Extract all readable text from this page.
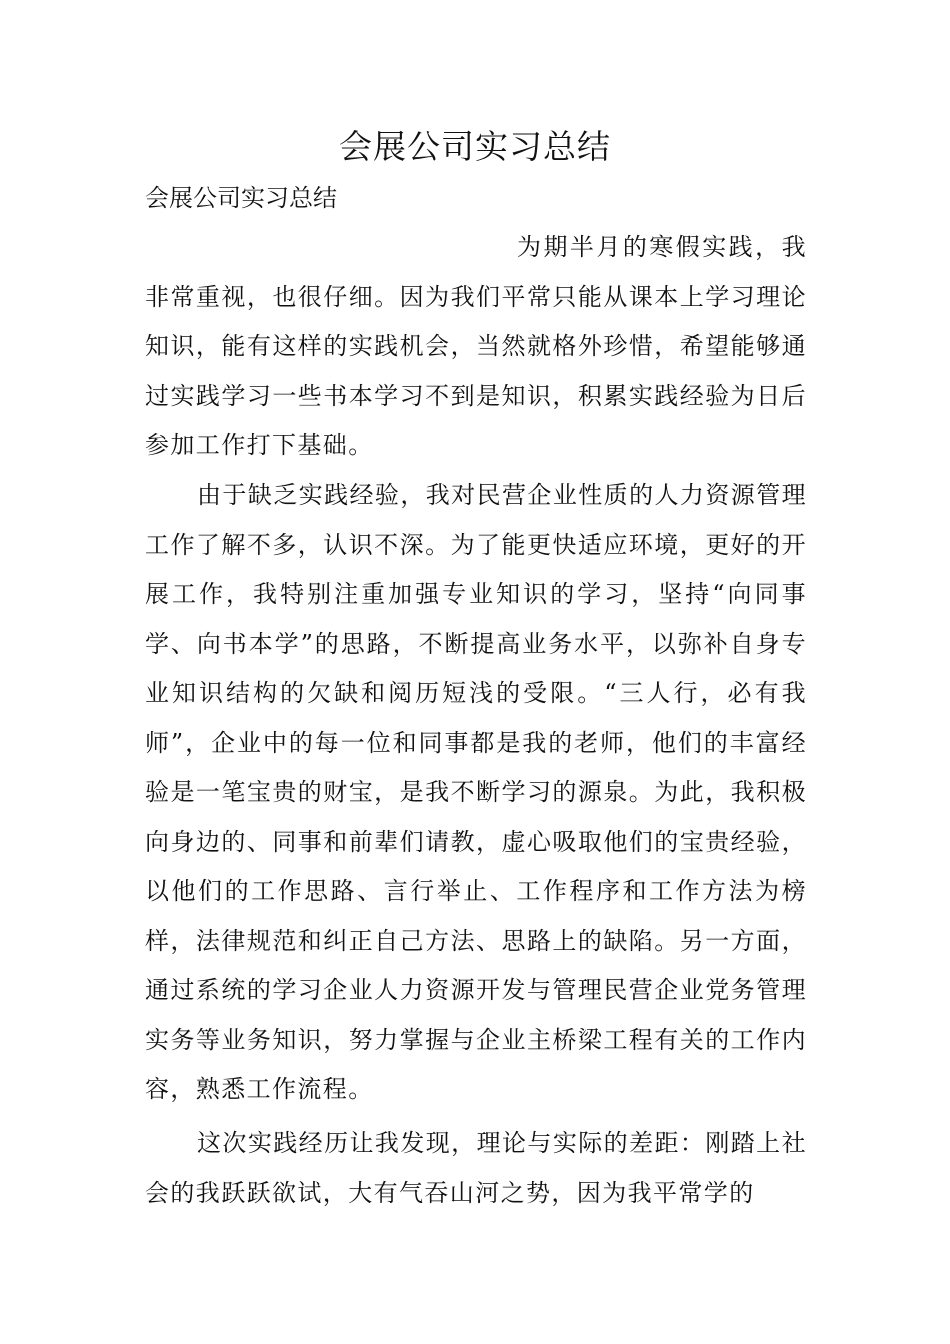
会展公司实习总结

会展公司实习总结

为期半月的寒假实践，我非常重视，也很仔细。因为我们平常只能从课本上学习理论知识，能有这样的实践机会，当然就格外珍惜，希望能够通过实践学习一些书本学习不到是知识，积累实践经验为日后参加工作打下基础。

由于缺乏实践经验，我对民营企业性质的人力资源管理工作了解不多，认识不深。为了能更快适应环境，更好的开展工作，我特别注重加强专业知识的学习，坚持“向同事学、向书本学”的思路，不断提高业务水平，以弥补自身专业知识结构的欠缺和阅历短浅的受限。“三人行，必有我师”，企业中的每一位和同事都是我的老师，他们的丰富经验是一笔宝贵的财宝，是我不断学习的源泉。为此，我积极向身边的、同事和前辈们请教，虚心吸取他们的宝贵经验，以他们的工作思路、言行举止、工作程序和工作方法为榜样，法律规范和纠正自己方法、思路上的缺陷。另一方面，通过系统的学习企业人力资源开发与管理民营企业党务管理实务等业务知识，努力掌握与企业主桥梁工程有关的工作内容，熟悉工作流程。

这次实践经历让我发现，理论与实际的差距：刚踏上社会的我跃跃欲试，大有气吞山河之势，因为我平常学的
